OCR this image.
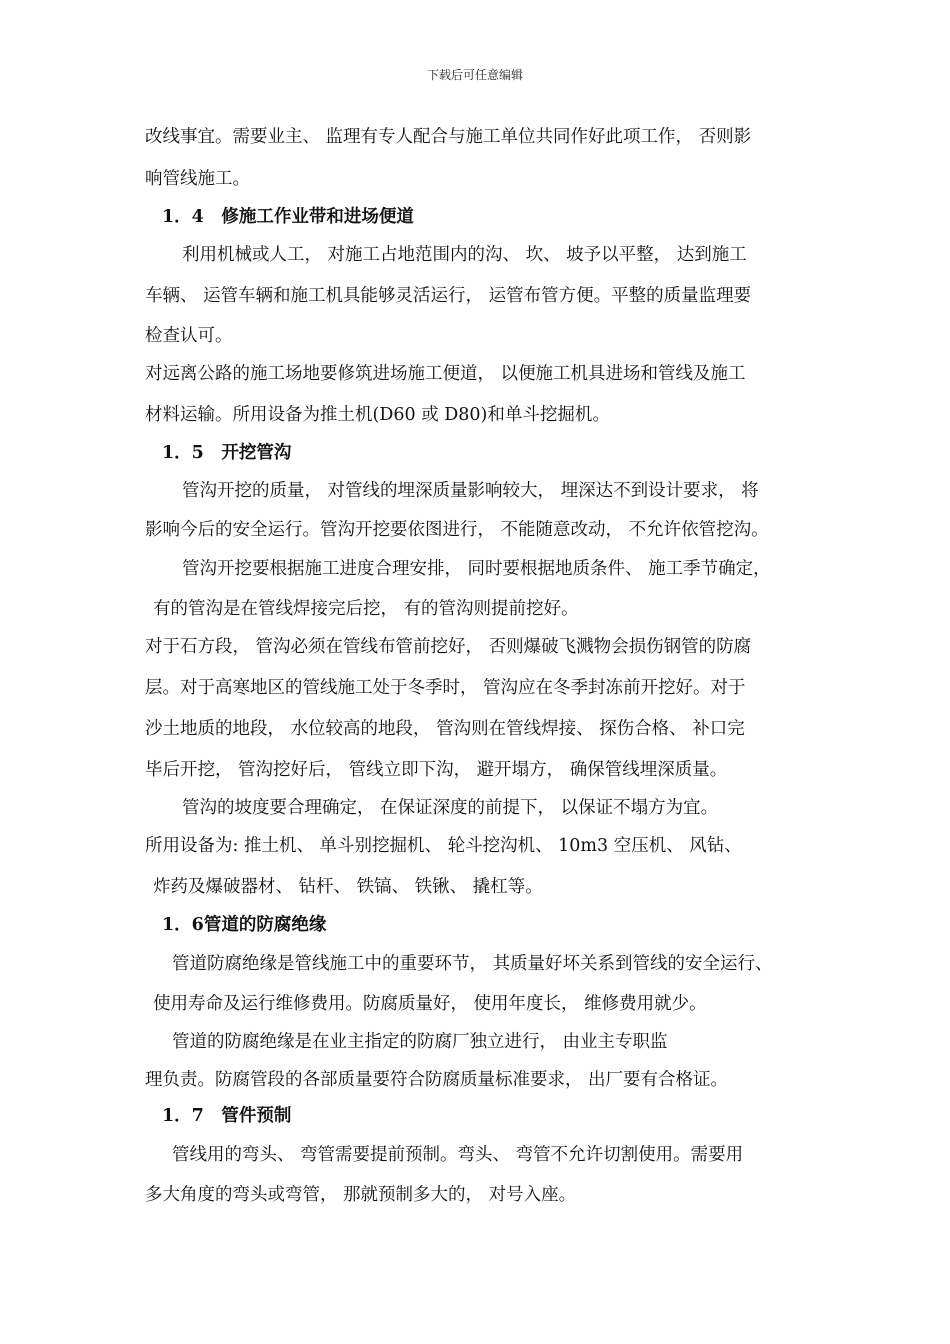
下载后可任意编辑
改线事宜。需要业主、 监理有专人配合与施工单位共同作好此项工作， 否则影
响管线施工。
1．4　修施工作业带和进场便道
利用机械或人工， 对施工占地范围内的沟、 坎、 坡予以平整， 达到施工
车辆、 运管车辆和施工机具能够灵活运行， 运管布管方便。平整的质量监理要
检查认可。
对远离公路的施工场地要修筑进场施工便道， 以便施工机具进场和管线及施工
材料运输。所用设备为推土机(D60 或 D80)和单斗挖掘机。
1．5　开挖管沟
管沟开挖的质量， 对管线的埋深质量影响较大， 埋深达不到设计要求， 将
影响今后的安全运行。管沟开挖要依图进行， 不能随意改动， 不允许依管挖沟。
管沟开挖要根据施工进度合理安排， 同时要根据地质条件、 施工季节确定，
有的管沟是在管线焊接完后挖， 有的管沟则提前挖好。
对于石方段， 管沟必须在管线布管前挖好， 否则爆破飞溅物会损伤钢管的防腐
层。对于高寒地区的管线施工处于冬季时， 管沟应在冬季封冻前开挖好。对于
沙土地质的地段， 水位较高的地段， 管沟则在管线焊接、 探伤合格、 补口完
毕后开挖， 管沟挖好后， 管线立即下沟， 避开塌方， 确保管线埋深质量。
管沟的坡度要合理确定， 在保证深度的前提下， 以保证不塌方为宜。
所用设备为: 推土机、 单斗别挖掘机、 轮斗挖沟机、 10m3 空压机、 风钻、
炸药及爆破器材、 钻杆、 铁镐、 铁锹、 撬杠等。
1．6管道的防腐绝缘
管道防腐绝缘是管线施工中的重要环节， 其质量好坏关系到管线的安全运行、
使用寿命及运行维修费用。防腐质量好， 使用年度长， 维修费用就少。
管道的防腐绝缘是在业主指定的防腐厂独立进行， 由业主专职监
理负责。防腐管段的各部质量要符合防腐质量标准要求， 出厂要有合格证。
1．7　管件预制
管线用的弯头、 弯管需要提前预制。弯头、 弯管不允许切割使用。需要用
多大角度的弯头或弯管， 那就预制多大的， 对号入座。
